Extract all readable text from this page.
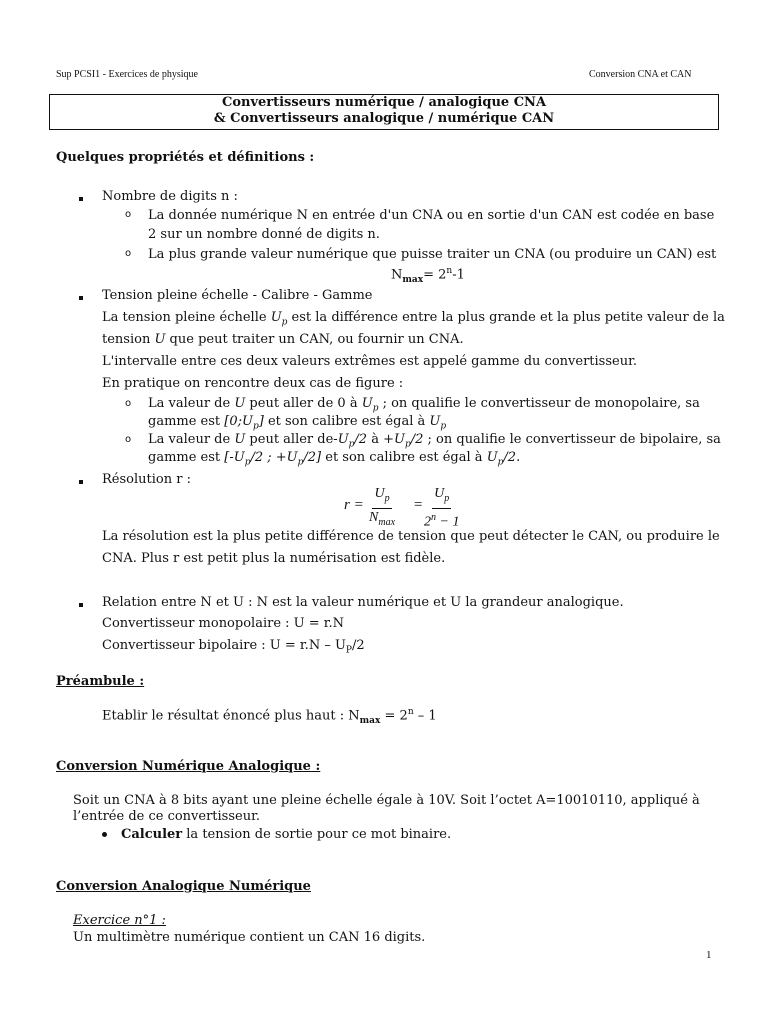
Sup PCSI1 - Exercices de physique	Conversion CNA et CAN
Convertisseurs numérique / analogique CNA
& Convertisseurs analogique / numérique CAN
Quelques propriétés et définitions :
Nombre de digits n :
o La donnée numérique N en entrée d'un CNA ou en sortie d'un CAN est codée en base
2 sur un nombre donné de digits n.
o La plus grande valeur numérique que puisse traiter un CNA (ou produire un CAN) est
$N_{max}= 2^n-1$
Tension pleine échelle - Calibre - Gamme
La tension pleine échelle $U_p$ est la différence entre la plus grande et la plus petite valeur de la
tension U que peut traiter un CAN, ou fournir un CNA.
L'intervalle entre ces deux valeurs extrêmes est appelé gamme du convertisseur.
En pratique on rencontre deux cas de figure :
o La valeur de U peut aller de 0 à $U_p$ ; on qualifie le convertisseur de monopolaire, sa
gamme est $[0;U_p]$ et son calibre est égal à $U_p$
o La valeur de U peut aller $de-U_p/2$ à $+U_p/2$ ; on qualifie le convertisseur de bipolaire, sa
gamme est [$-U_p/2$ ; $+U_p/2$] et son calibre est égal à $U_p/2$.
Résolution r :
r =
$U_p$
$N_{max}$
= $\frac{U_p}{2^n - 1}$
La résolution est la plus petite différence de tension que peut détecter le CAN, ou produire le
CNA. Plus r est petit plus la numérisation est fidèle.
Relation entre N et U : N est la valeur numérique et U la grandeur analogique.
Convertisseur monopolaire : U = r.N
Convertisseur bipolaire : $U = r.N - U_P/2$
Préambule :
Etablir le résultat énoncé plus haut : $N_{max} = 2^n - 1$
Conversion Numérique Analogique :
Soit un CNA à 8 bits ayant une pleine échelle égale à 10V. Soit l’octet A=10010110, appliqué à
l’entrée de ce convertisseur.
Calculer la tension de sortie pour ce mot binaire.
Conversion Analogique Numérique
Exercice n°1 :
Un multimètre numérique contient un CAN 16 digits.
1
